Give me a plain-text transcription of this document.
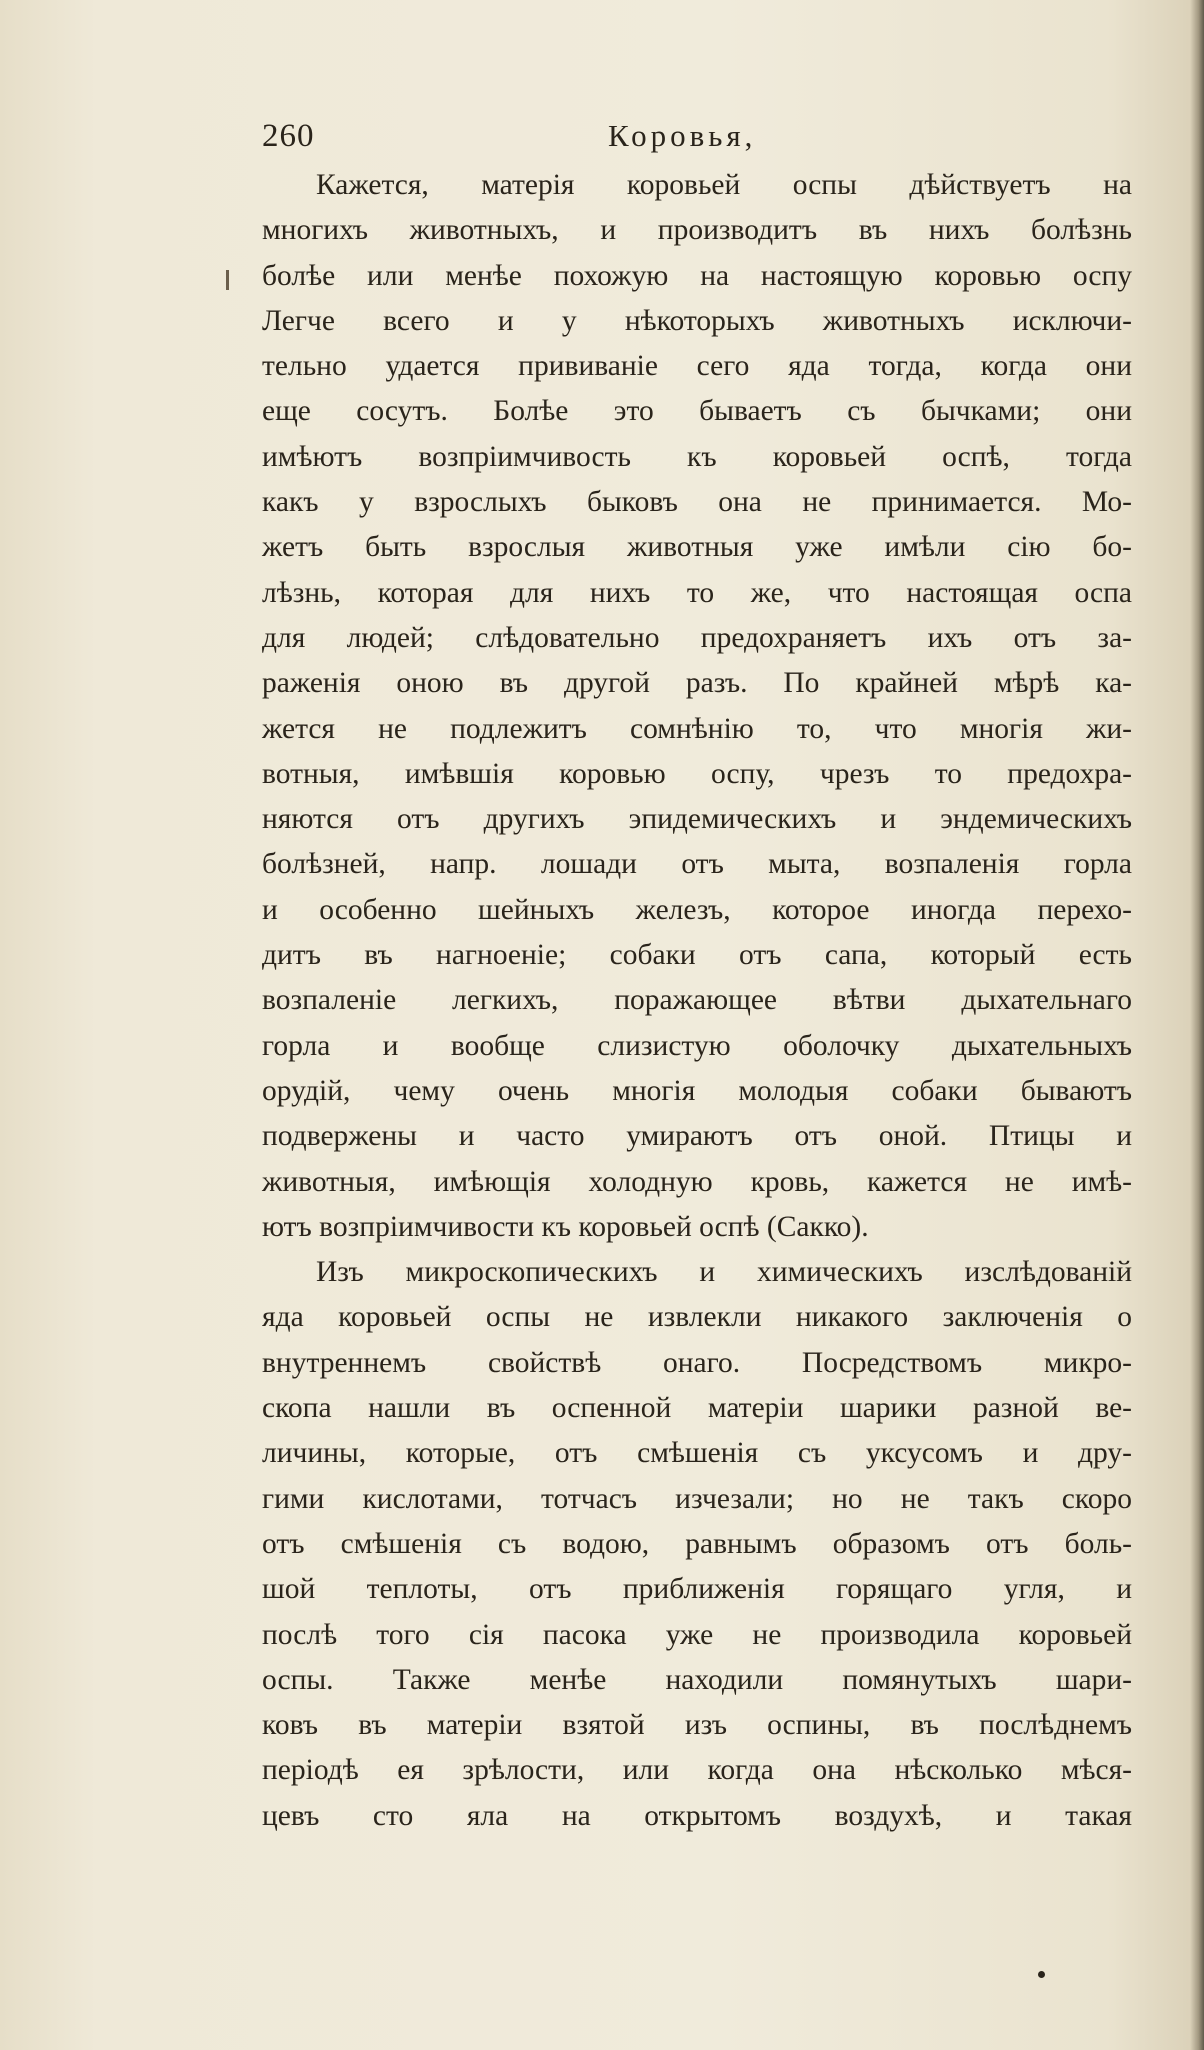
260	Коровья,
Кажется, матерія коровьей оспы дѣйствуетъ на
многихъ животныхъ, и производитъ въ нихъ болѣзнь
болѣе или менѣе похожую на настоящую коровью оспу
Легче всего и у нѣкоторыхъ животныхъ исключи-
тельно удается прививаніе сего яда тогда, когда они
еще сосутъ. Болѣе это бываетъ съ бычками; они
имѣютъ возпріимчивость къ коровьей оспѣ, тогда
какъ у взрослыхъ быковъ она не принимается. Мо-
жетъ быть взрослыя животныя уже имѣли сію бо-
лѣзнь, которая для нихъ то же, что настоящая оспа
для людей; слѣдовательно предохраняетъ ихъ отъ за-
раженія оною въ другой разъ. По крайней мѣрѣ ка-
жется не подлежитъ сомнѣнію то, что многія жи-
вотныя, имѣвшія коровью оспу, чрезъ то предохра-
няются отъ другихъ эпидемическихъ и эндемическихъ
болѣзней, напр. лошади отъ мыта, возпаленія горла
и особенно шейныхъ железъ, которое иногда перехо-
дитъ въ нагноеніе; собаки отъ сапа, который есть
возпаленіе легкихъ, поражающее вѣтви дыхательнаго
горла и вообще слизистую оболочку дыхательныхъ
орудій, чему очень многія молодыя собаки бываютъ
подвержены и часто умираютъ отъ оной. Птицы и
животныя, имѣющія холодную кровь, кажется не имѣ-
ютъ возпріимчивости къ коровьей оспѣ (Сакко).
Изъ микроскопическихъ и химическихъ изслѣдованій
яда коровьей оспы не извлекли никакого заключенія о
внутреннемъ свойствѣ онаго. Посредствомъ микро-
скопа нашли въ оспенной матеріи шарики разной ве-
личины, которые, отъ смѣшенія съ уксусомъ и дру-
гими кислотами, тотчасъ изчезали; но не такъ скоро
отъ смѣшенія съ водою, равнымъ образомъ отъ боль-
шой теплоты, отъ приближенія горящаго угля, и
послѣ того сія пасока уже не производила коровьей
оспы. Также менѣе находили помянутыхъ шари-
ковъ въ матеріи взятой изъ оспины, въ послѣднемъ
періодѣ ея зрѣлости, или когда она нѣсколько мѣся-
цевъ сто яла на открытомъ воздухѣ, и такая
